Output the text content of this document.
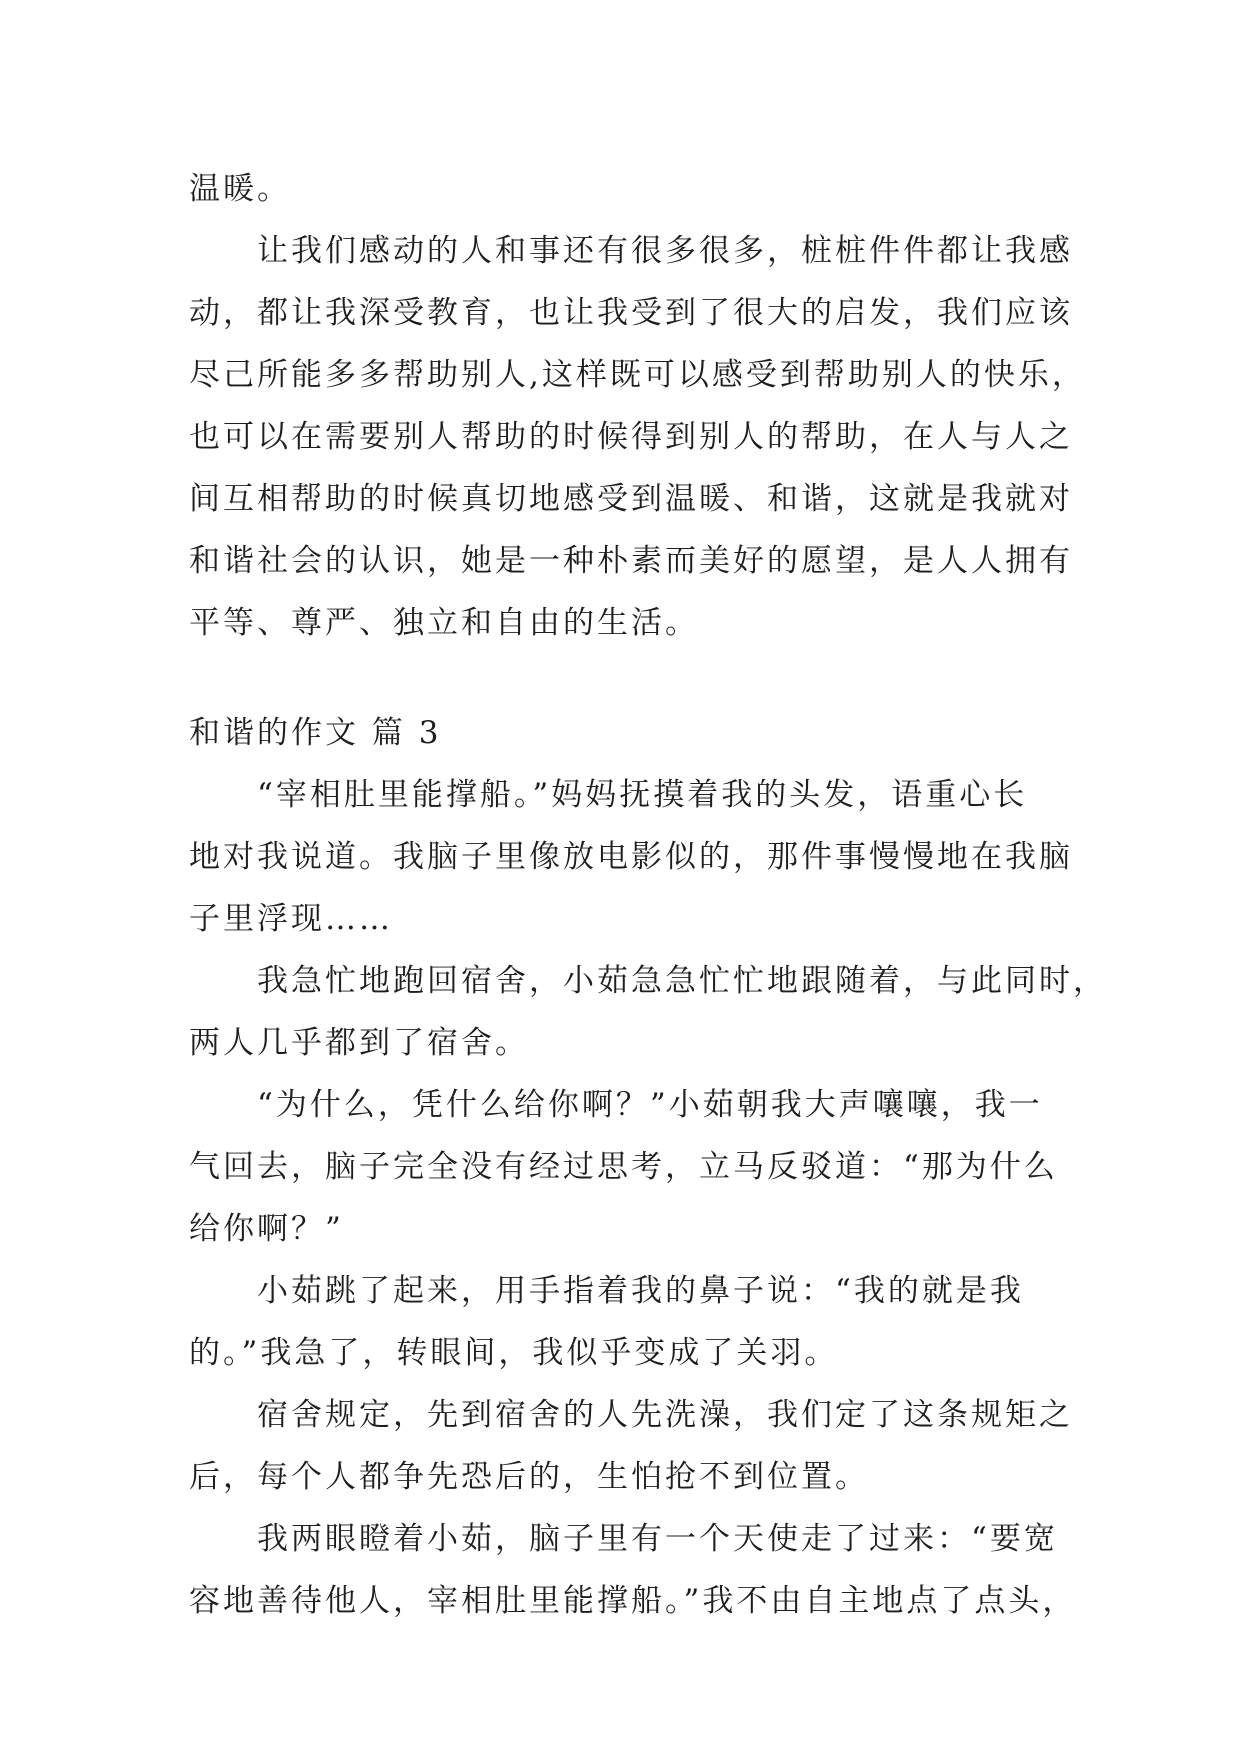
温暖。
让我们感动的人和事还有很多很多，桩桩件件都让我感
动，都让我深受教育，也让我受到了很大的启发，我们应该
尽己所能多多帮助别人,这样既可以感受到帮助别人的快乐，
也可以在需要别人帮助的时候得到别人的帮助，在人与人之
间互相帮助的时候真切地感受到温暖、和谐，这就是我就对
和谐社会的认识，她是一种朴素而美好的愿望，是人人拥有
平等、尊严、独立和自由的生活。
和谐的作文 篇 3
“宰相肚里能撑船。”妈妈抚摸着我的头发，语重心长
地对我说道。我脑子里像放电影似的，那件事慢慢地在我脑
子里浮现……
我急忙地跑回宿舍，小茹急急忙忙地跟随着，与此同时，
两人几乎都到了宿舍。
“为什么，凭什么给你啊？”小茹朝我大声嚷嚷，我一
气回去，脑子完全没有经过思考，立马反驳道：“那为什么
给你啊？”
小茹跳了起来，用手指着我的鼻子说：“我的就是我
的。”我急了，转眼间，我似乎变成了关羽。
宿舍规定，先到宿舍的人先洗澡，我们定了这条规矩之
后，每个人都争先恐后的，生怕抢不到位置。
我两眼瞪着小茹，脑子里有一个天使走了过来：“要宽
容地善待他人，宰相肚里能撑船。”我不由自主地点了点头，
